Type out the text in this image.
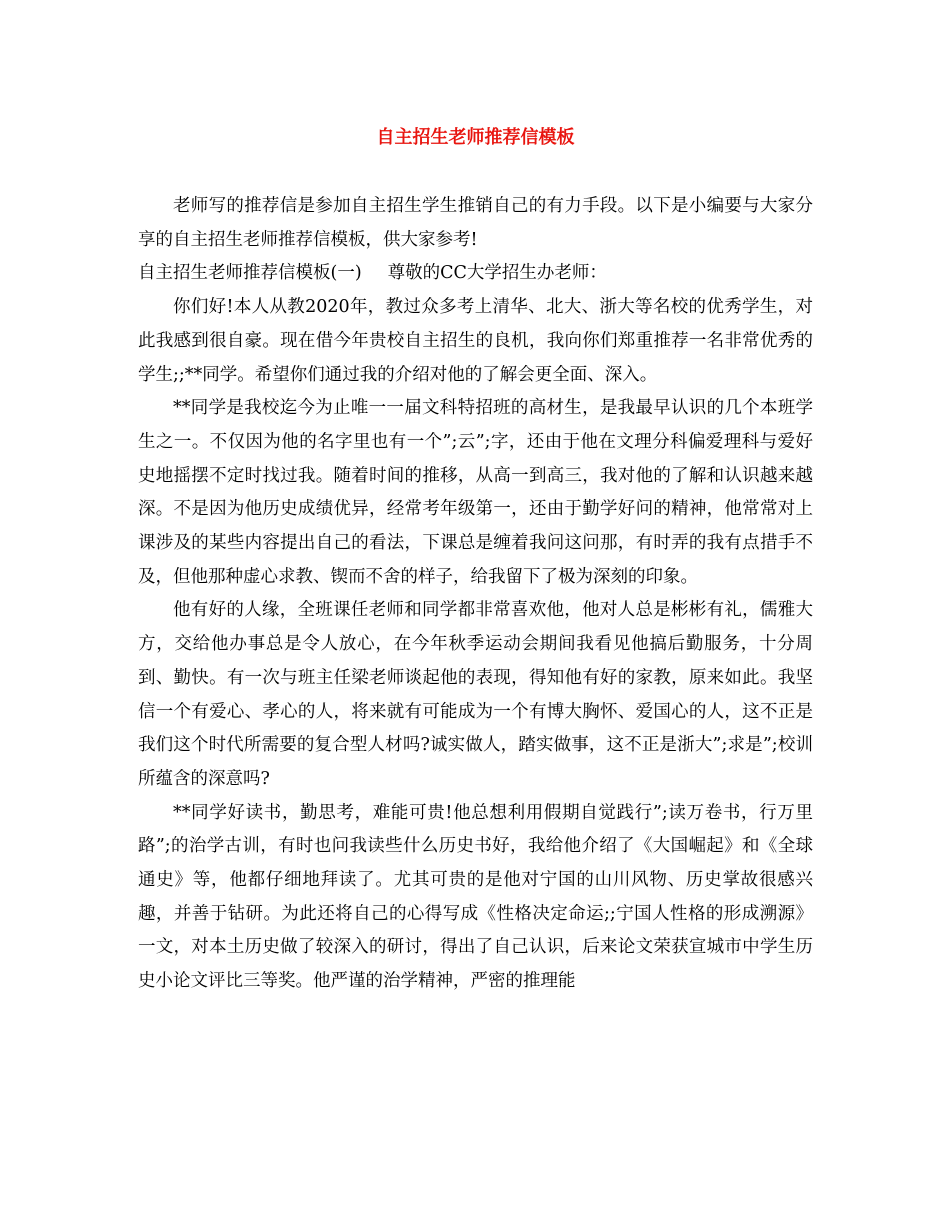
自主招生老师推荐信模板

老师写的推荐信是参加自主招生学生推销自己的有力手段。以下是小编要与大家分享的自主招生老师推荐信模板，供大家参考!

自主招生老师推荐信模板(一) 尊敬的CC大学招生办老师：

你们好!本人从教2020年，教过众多考上清华、北大、浙大等名校的优秀学生，对此我感到很自豪。现在借今年贵校自主招生的良机，我向你们郑重推荐一名非常优秀的学生;;**同学。希望你们通过我的介绍对他的了解会更全面、深入。

**同学是我校迄今为止唯一一届文科特招班的高材生，是我最早认识的几个本班学生之一。不仅因为他的名字里也有一个”;云”;字，还由于他在文理分科偏爱理科与爱好史地摇摆不定时找过我。随着时间的推移，从高一到高三，我对他的了解和认识越来越深。不是因为他历史成绩优异，经常考年级第一，还由于勤学好问的精神，他常常对上课涉及的某些内容提出自己的看法，下课总是缠着我问这问那，有时弄的我有点措手不及，但他那种虚心求教、锲而不舍的样子，给我留下了极为深刻的印象。

他有好的人缘，全班课任老师和同学都非常喜欢他，他对人总是彬彬有礼，儒雅大方，交给他办事总是令人放心，在今年秋季运动会期间我看见他搞后勤服务，十分周到、勤快。有一次与班主任梁老师谈起他的表现，得知他有好的家教，原来如此。我坚信一个有爱心、孝心的人，将来就有可能成为一个有博大胸怀、爱国心的人，这不正是我们这个时代所需要的复合型人材吗?诚实做人，踏实做事，这不正是浙大”;求是”;校训所蕴含的深意吗?

**同学好读书，勤思考，难能可贵!他总想利用假期自觉践行”;读万卷书，行万里路”;的治学古训，有时也问我读些什么历史书好，我给他介绍了《大国崛起》和《全球通史》等，他都仔细地拜读了。尤其可贵的是他对宁国的山川风物、历史掌故很感兴趣，并善于钻研。为此还将自己的心得写成《性格决定命运;;宁国人性格的形成溯源》一文，对本土历史做了较深入的研讨，得出了自己认识，后来论文荣获宣城市中学生历史小论文评比三等奖。他严谨的治学精神，严密的推理能
